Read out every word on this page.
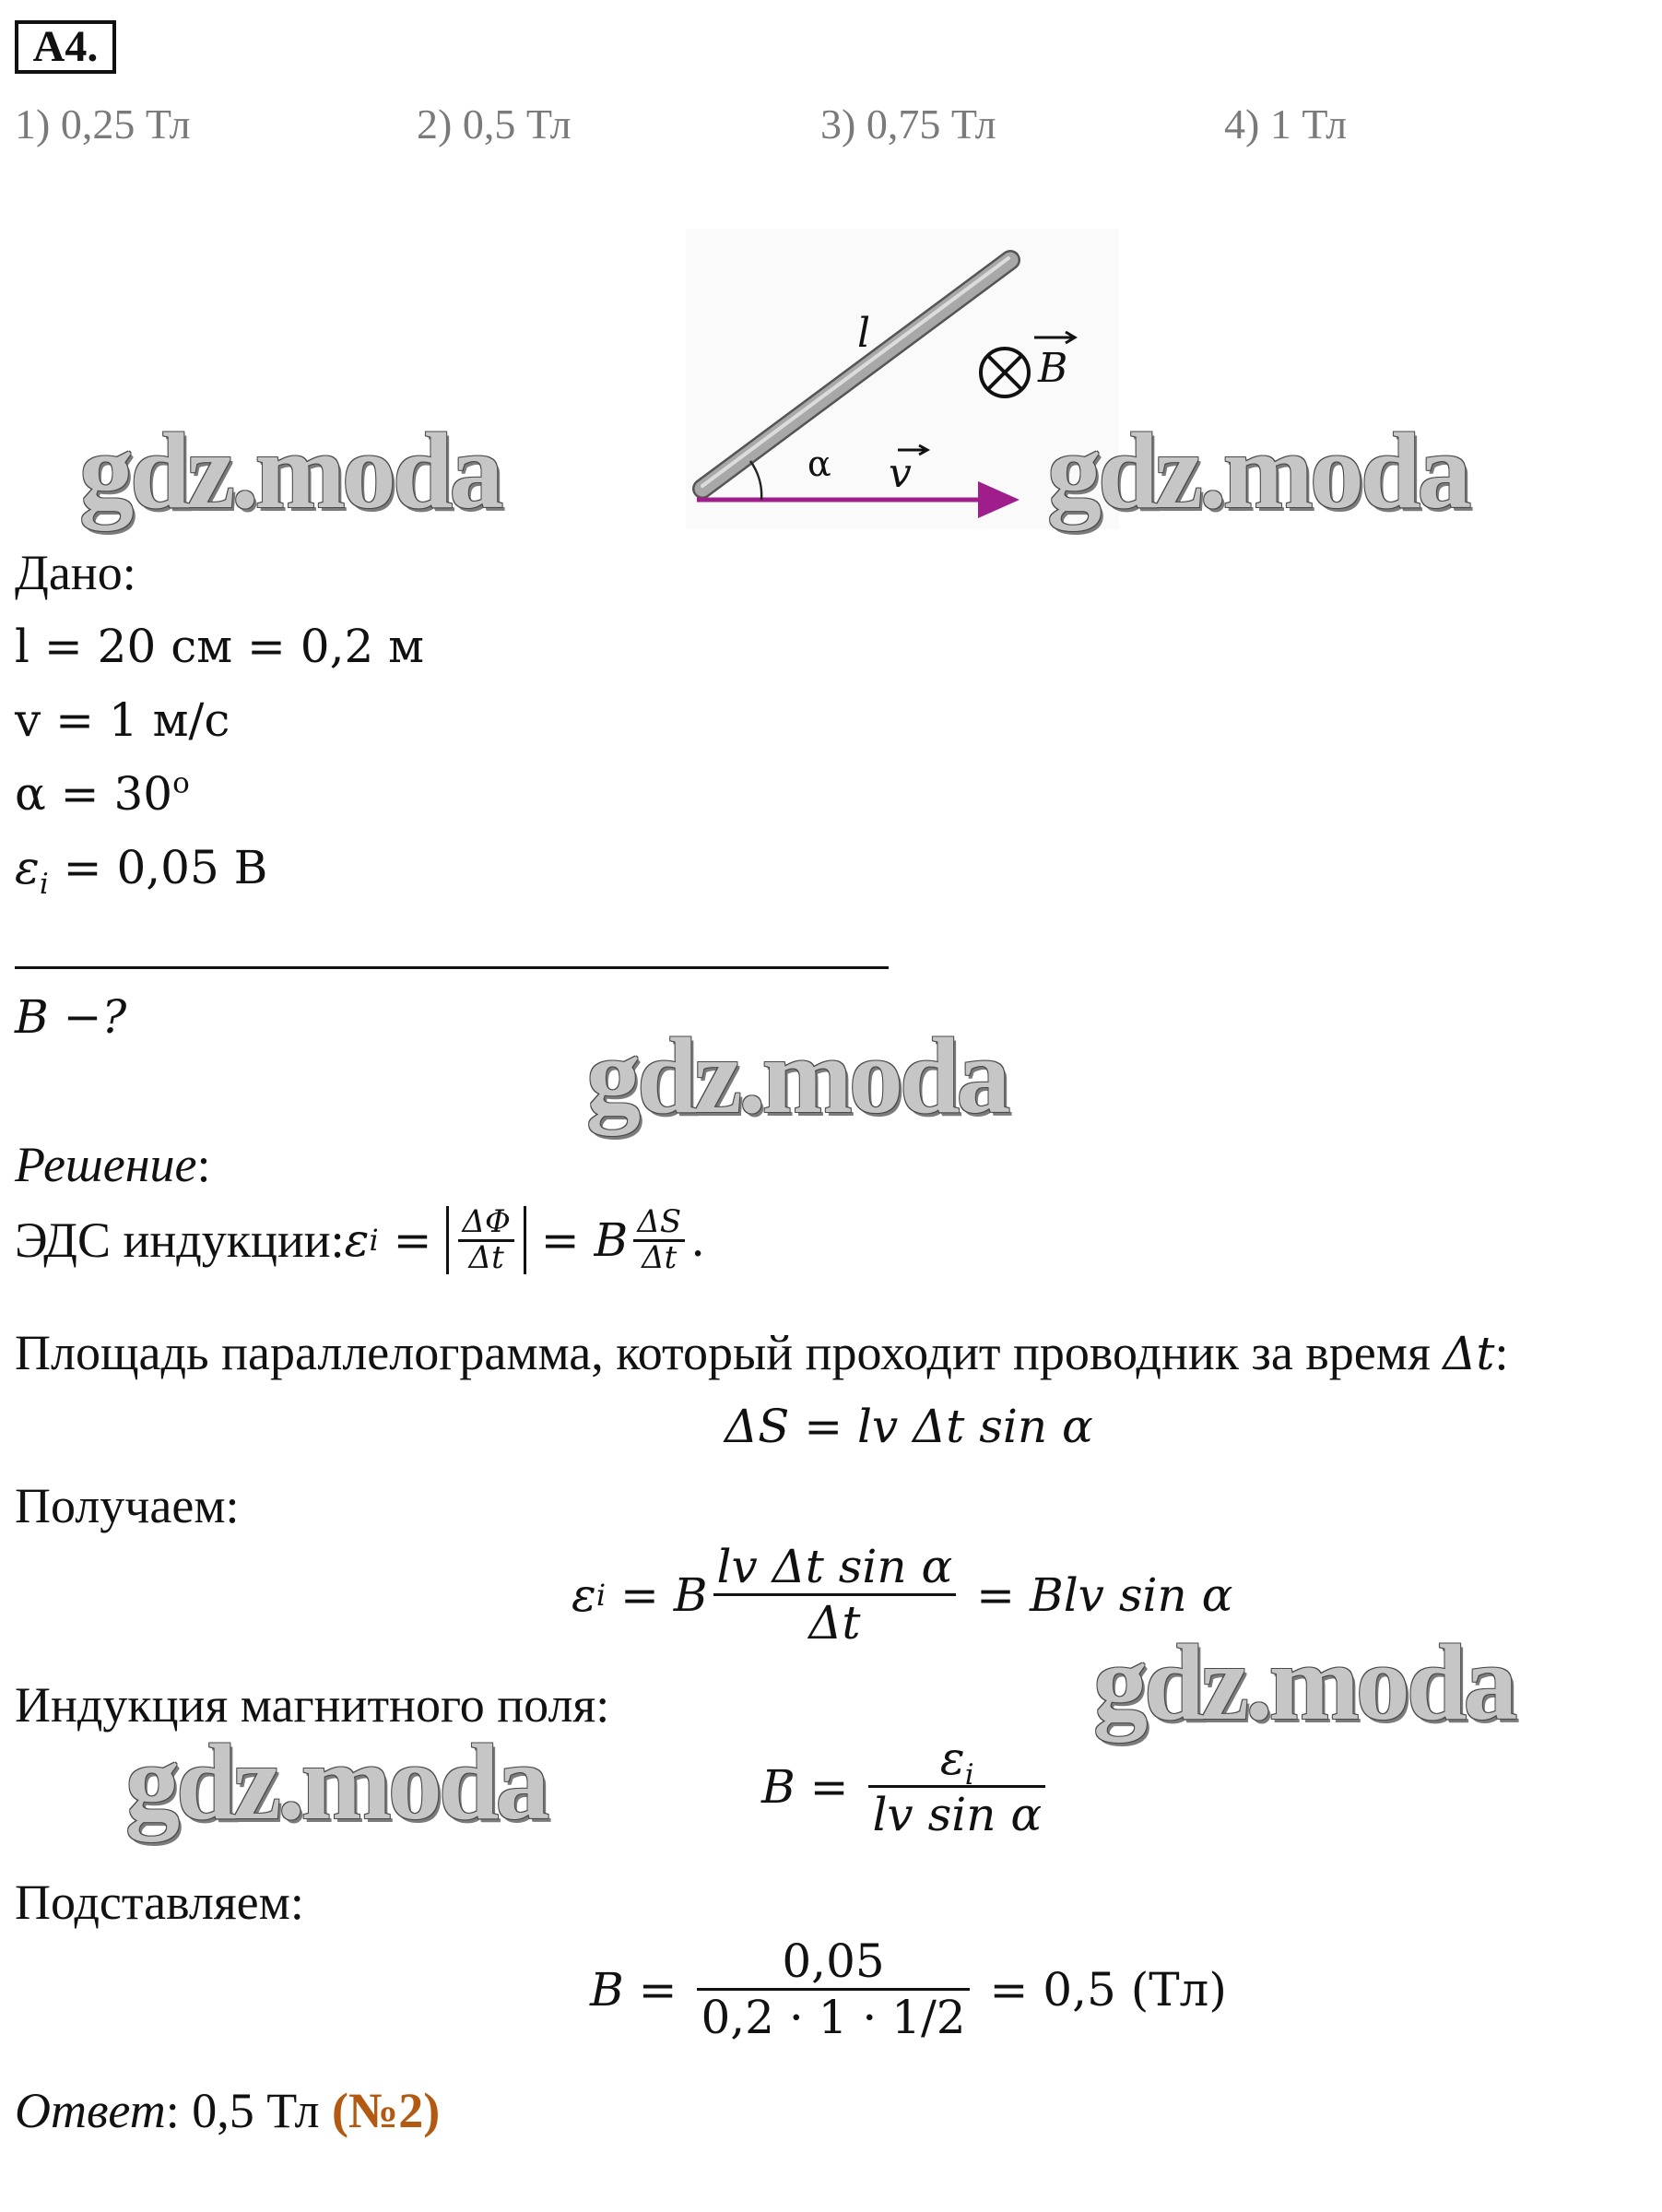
А4.
1) 0,25 Тл	2) 0,5 Тл	3) 0,75 Тл	4) 1 Тл
l
α v
B
gdz.moda	gdz.moda
gdz.moda
gdz.moda
gdz.moda
Дано:
l = 20 см = 0,2 м
v = 1 м/с
$\alpha = 30^o$
$\varepsilon_i = 0,05$ В
B −?
Решение:
ЭДС индукции: ε $i = \frac{\Delta\Phi}{\Delta t} = B \frac{\Delta S}{\Delta t}$ .
Площадь параллелограмма, который проходит проводник за время Δt:
ΔS = lv Δt sin α
Получаем:
ε i = B $\frac{\text{lv Δt sin α}}{\Delta t}$ = Blv sin α
Индукция магнитного поля:
$B = \frac{\varepsilon_i}{\text{lv sin α}}$
Подставляем:
$B = \frac{0,05}{0,2 \cdot 1 \cdot 1/2} = 0,5$ (Тл)
Ответ: 0,5 Тл (№2)
